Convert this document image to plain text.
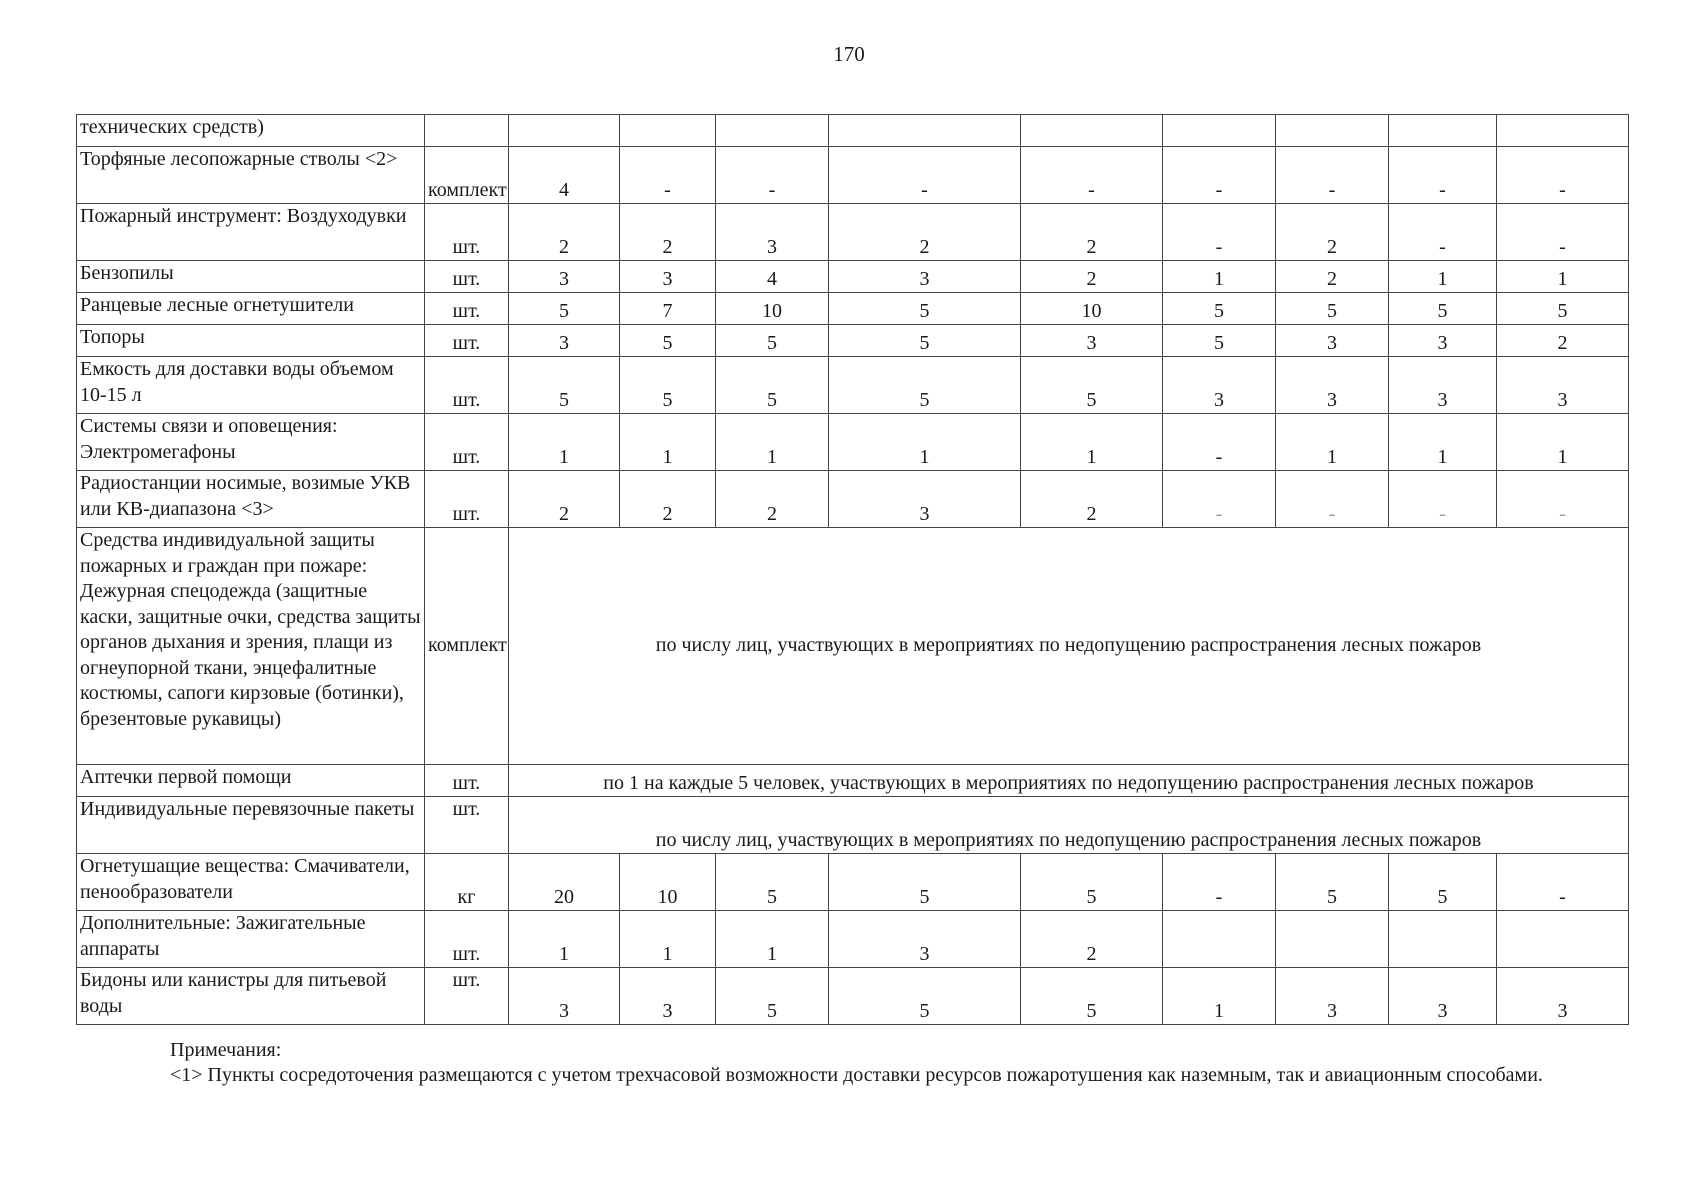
170
технических средств)										
Торфяные лесопожарные стволы <2>	комплект	4	-	-	-	-	-	-	-	-
Пожарный инструмент: Воздуходувки	шт.	2	2	3	2	2	-	2	-	-
Бензопилы	шт.	3	3	4	3	2	1	2	1	1
Ранцевые лесные огнетушители	шт.	5	7	10	5	10	5	5	5	5
Топоры	шт.	3	5	5	5	3	5	3	3	2
Емкость для доставки воды объемом 10-15 л	шт.	5	5	5	5	5	3	3	3	3
Системы связи и оповещения: Электромегафоны	шт.	1	1	1	1	1	-	1	1	1
Радиостанции носимые, возимые УКВ или КВ-диапазона <3>	шт.	2	2	2	3	2	-	-	-	-
Средства индивидуальной защиты пожарных и граждан при пожаре: Дежурная спецодежда (защитные каски, защитные очки, средства защиты органов дыхания и зрения, плащи из огнеупорной ткани, энцефалитные костюмы, сапоги кирзовые (ботинки), брезентовые рукавицы)	комплект	по числу лиц, участвующих в мероприятиях по недопущению распространения лесных пожаров								
Аптечки первой помощи	шт.	по 1 на каждые 5 человек, участвующих в мероприятиях по недопущению распространения лесных пожаров								
Индивидуальные перевязочные пакеты	шт.	по числу лиц, участвующих в мероприятиях по недопущению распространения лесных пожаров								
Огнетушащие вещества: Смачиватели, пенообразователи	кг	20	10	5	5	5	-	5	5	-
Дополнительные: Зажигательные аппараты	шт.	1	1	1	3	2				
Бидоны или канистры для питьевой воды	шт.	3	3	5	5	5	1	3	3	3

Примечания:

<1> Пункты сосредоточения размещаются с учетом трехчасовой возможности доставки ресурсов пожаротушения как наземным, так и авиационным способами.
